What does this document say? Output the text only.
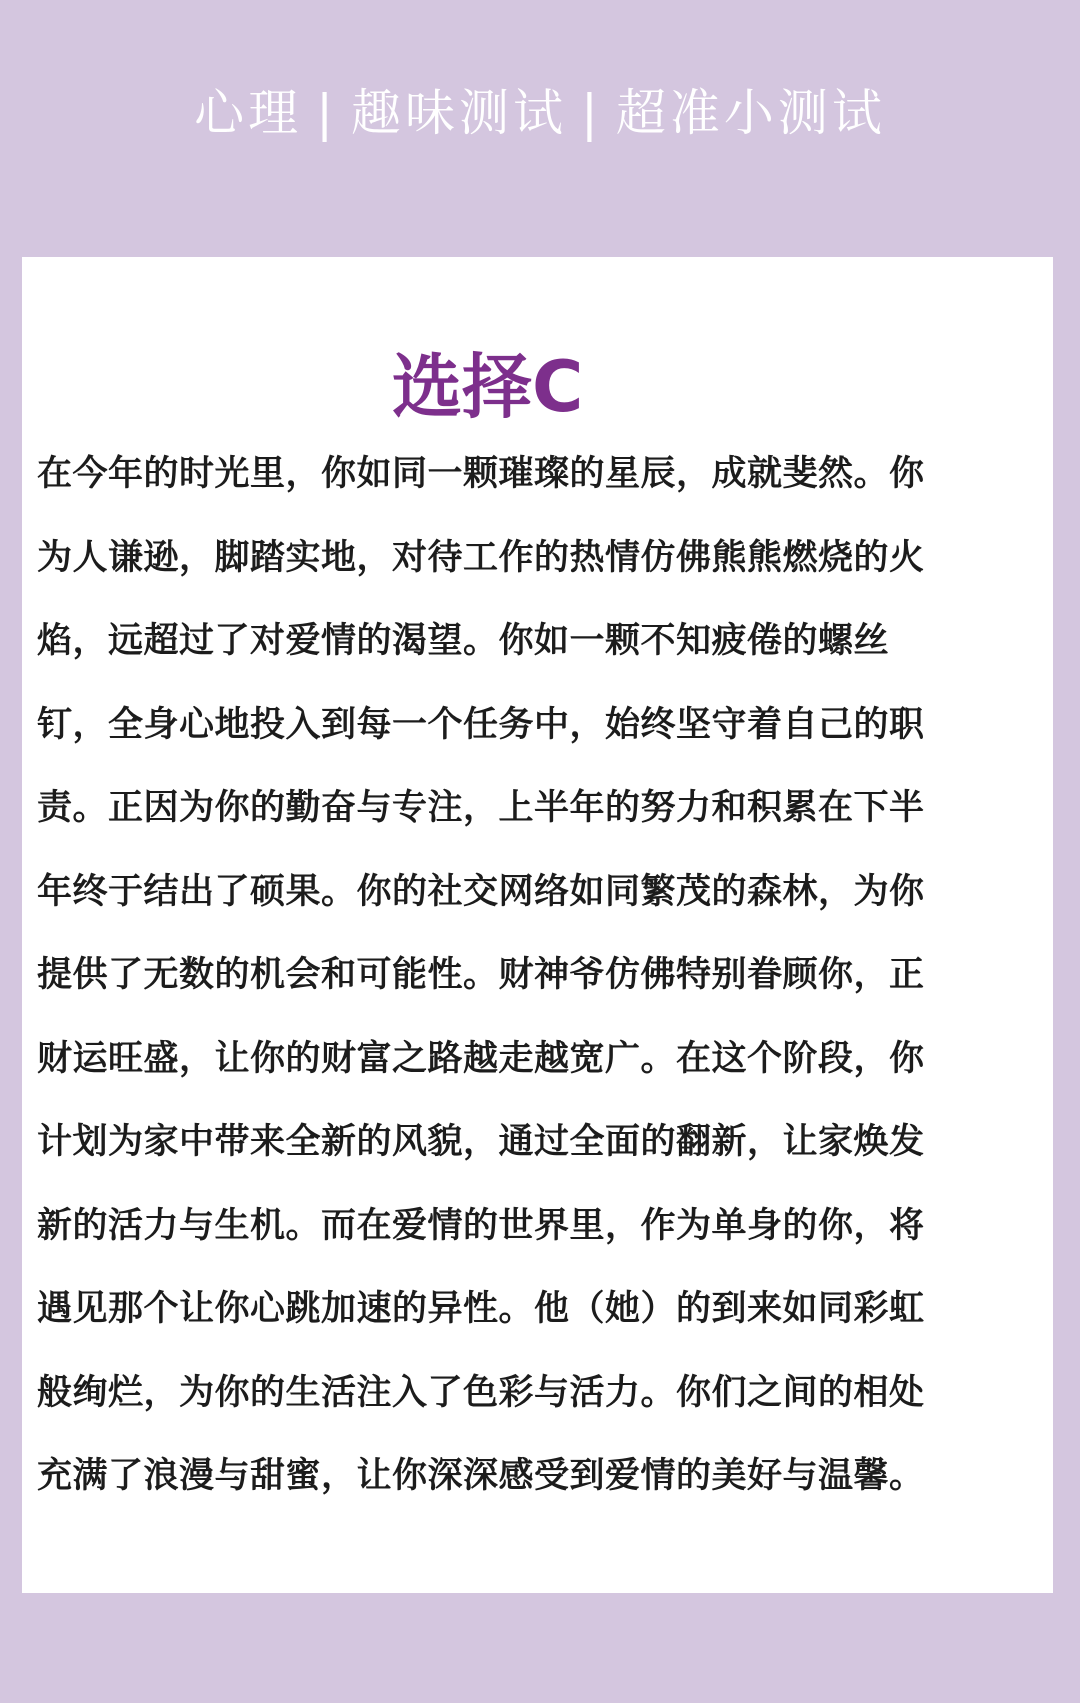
心理 | 趣味测试 | 超准小测试
选择C
在今年的时光里，你如同一颗璀璨的星辰，成就斐然。你
为人谦逊，脚踏实地，对待工作的热情仿佛熊熊燃烧的火
焰，远超过了对爱情的渴望。你如一颗不知疲倦的螺丝
钉，全身心地投入到每一个任务中，始终坚守着自己的职
责。正因为你的勤奋与专注，上半年的努力和积累在下半
年终于结出了硕果。你的社交网络如同繁茂的森林，为你
提供了无数的机会和可能性。财神爷仿佛特别眷顾你，正
财运旺盛，让你的财富之路越走越宽广。在这个阶段，你
计划为家中带来全新的风貌，通过全面的翻新，让家焕发
新的活力与生机。而在爱情的世界里，作为单身的你，将
遇见那个让你心跳加速的异性。他（她）的到来如同彩虹
般绚烂，为你的生活注入了色彩与活力。你们之间的相处
充满了浪漫与甜蜜，让你深深感受到爱情的美好与温馨。
